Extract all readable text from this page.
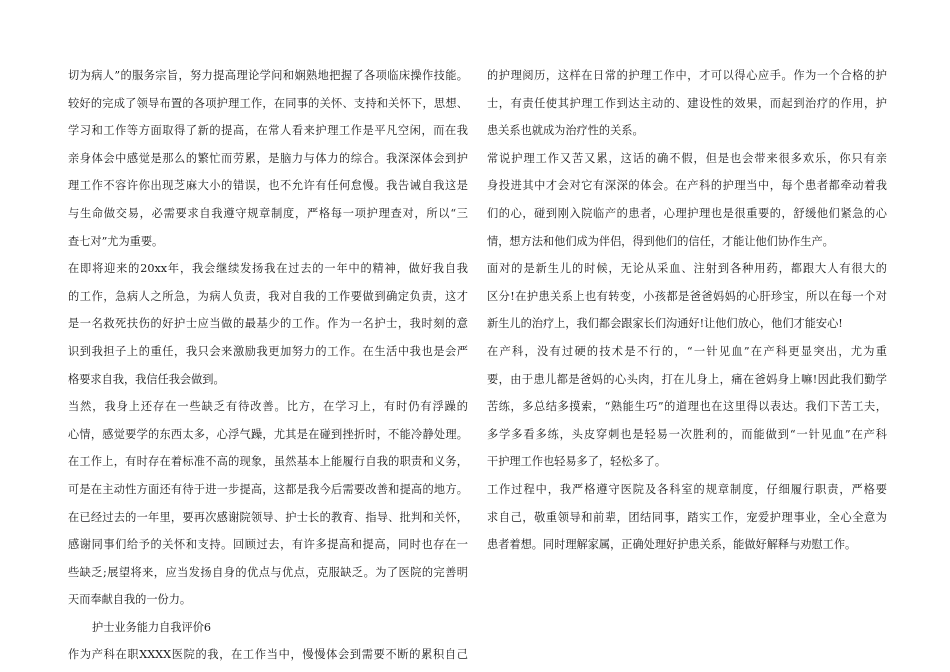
切为病人”的服务宗旨，努力提高理论学问和娴熟地把握了各项临床操作技能。
较好的完成了领导布置的各项护理工作，在同事的关怀、支持和关怀下，思想、
学习和工作等方面取得了新的提高，在常人看来护理工作是平凡空闲，而在我
亲身体会中感觉是那么的繁忙而劳累，是脑力与体力的综合。我深深体会到护
理工作不容许你出现芝麻大小的错误，也不允许有任何怠慢。我告诫自我这是
与生命做交易，必需要求自我遵守规章制度，严格每一项护理查对，所以“三
查七对”尤为重要。
在即将迎来的20xx年，我会继续发扬我在过去的一年中的精神，做好我自我
的工作，急病人之所急，为病人负责，我对自我的工作要做到确定负责，这才
是一名救死扶伤的好护士应当做的最基少的工作。作为一名护士，我时刻的意
识到我担子上的重任，我只会来激励我更加努力的工作。在生活中我也是会严
格要求自我，我信任我会做到。
当然，我身上还存在一些缺乏有待改善。比方，在学习上，有时仍有浮躁的
心情，感觉要学的东西太多，心浮气躁，尤其是在碰到挫折时，不能冷静处理。
在工作上，有时存在着标准不高的现象，虽然基本上能履行自我的职责和义务，
可是在主动性方面还有待于进一步提高，这都是我今后需要改善和提高的地方。
在已经过去的一年里，要再次感谢院领导、护士长的教育、指导、批判和关怀，
感谢同事们给予的关怀和支持。回顾过去，有许多提高和提高，同时也存在一
些缺乏;展望将来，应当发扬自身的优点与优点，克服缺乏。为了医院的完善明
天而奉献自我的一份力。
护士业务能力自我评价6
作为产科在职XXXX医院的我，在工作当中，慢慢体会到需要不断的累积自己
的护理阅历，这样在日常的护理工作中，才可以得心应手。作为一个合格的护
士，有责任使其护理工作到达主动的、建设性的效果，而起到治疗的作用，护
患关系也就成为治疗性的关系。
常说护理工作又苦又累，这话的确不假，但是也会带来很多欢乐，你只有亲
身投进其中才会对它有深深的体会。在产科的护理当中，每个患者都牵动着我
们的心，碰到刚入院临产的患者，心理护理也是很重要的，舒缓他们紧急的心
情，想方法和他们成为伴侣，得到他们的信任，才能让他们协作生产。
面对的是新生儿的时候，无论从采血、注射到各种用药，都跟大人有很大的
区分!在护患关系上也有转变，小孩都是爸爸妈妈的心肝珍宝，所以在每一个对
新生儿的治疗上，我们都会跟家长们沟通好!让他们放心，他们才能安心!
在产科，没有过硬的技术是不行的，“一针见血”在产科更显突出，尤为重
要，由于患儿都是爸妈的心头肉，打在儿身上，痛在爸妈身上嘛!因此我们勤学
苦练，多总结多摸索，“熟能生巧”的道理也在这里得以表达。我们下苦工夫，
多学多看多练，头皮穿刺也是轻易一次胜利的，而能做到“一针见血”在产科
干护理工作也轻易多了，轻松多了。
工作过程中，我严格遵守医院及各科室的规章制度，仔细履行职责，严格要
求自己，敬重领导和前辈，团结同事，踏实工作，宠爱护理事业，全心全意为
患者着想。同时理解家属，正确处理好护患关系，能做好解释与劝慰工作。
